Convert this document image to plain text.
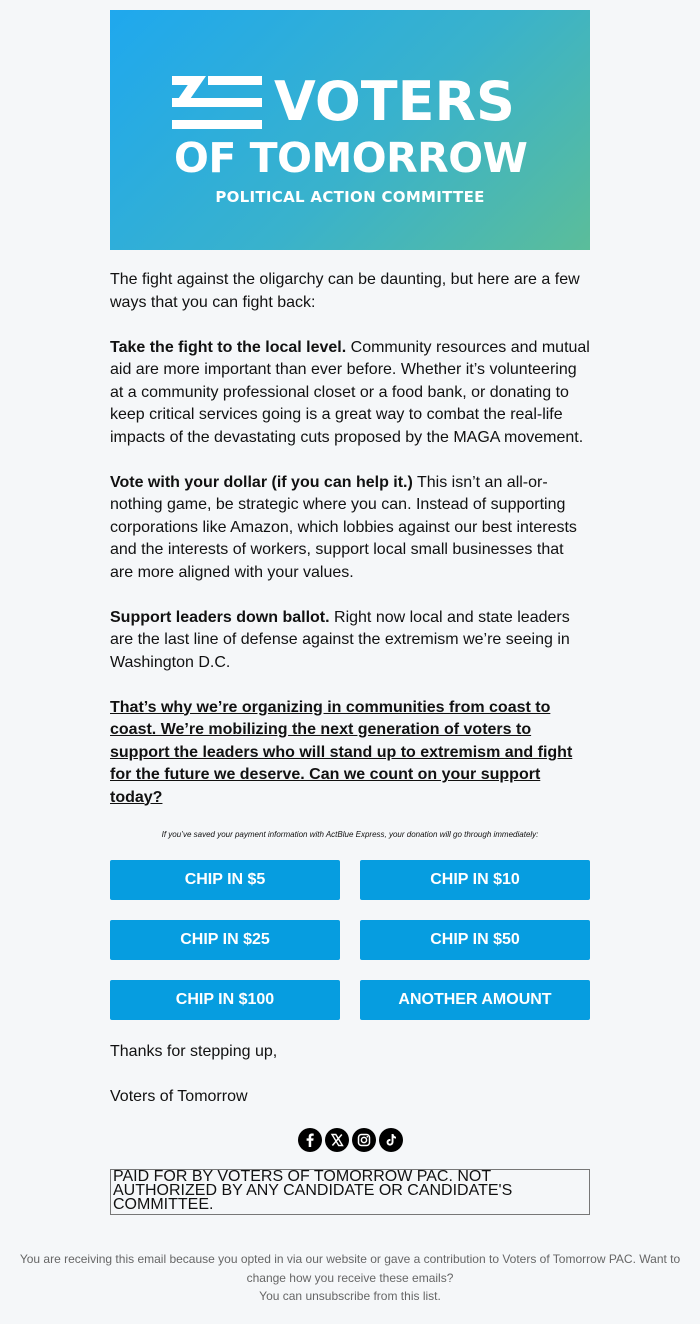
VOTERS
OF TOMORROW
POLITICAL ACTION COMMITTEE

The fight against the oligarchy can be daunting, but here are a few ways that you can fight back:

Take the fight to the local level. Community resources and mutual aid are more important than ever before. Whether it’s volunteering at a community professional closet or a food bank, or donating to keep critical services going is a great way to combat the real-life impacts of the devastating cuts proposed by the MAGA movement.

Vote with your dollar (if you can help it.) This isn’t an all-or-nothing game, be strategic where you can. Instead of supporting corporations like Amazon, which lobbies against our best interests and the interests of workers, support local small businesses that are more aligned with your values.

Support leaders down ballot. Right now local and state leaders are the last line of defense against the extremism we’re seeing in Washington D.C.

That’s why we’re organizing in communities from coast to coast. We’re mobilizing the next generation of voters to support the leaders who will stand up to extremism and fight for the future we deserve. Can we count on your support today?

If you’ve saved your payment information with ActBlue Express, your donation will go through immediately:

CHIP IN $5	CHIP IN $10
CHIP IN $25	CHIP IN $50
CHIP IN $100	ANOTHER AMOUNT

Thanks for stepping up,

Voters of Tomorrow

PAID FOR BY VOTERS OF TOMORROW PAC. NOT AUTHORIZED BY ANY CANDIDATE OR CANDIDATE'S COMMITTEE.

You are receiving this email because you opted in via our website or gave a contribution to Voters of Tomorrow PAC. Want to change how you receive these emails?

You can unsubscribe from this list.
